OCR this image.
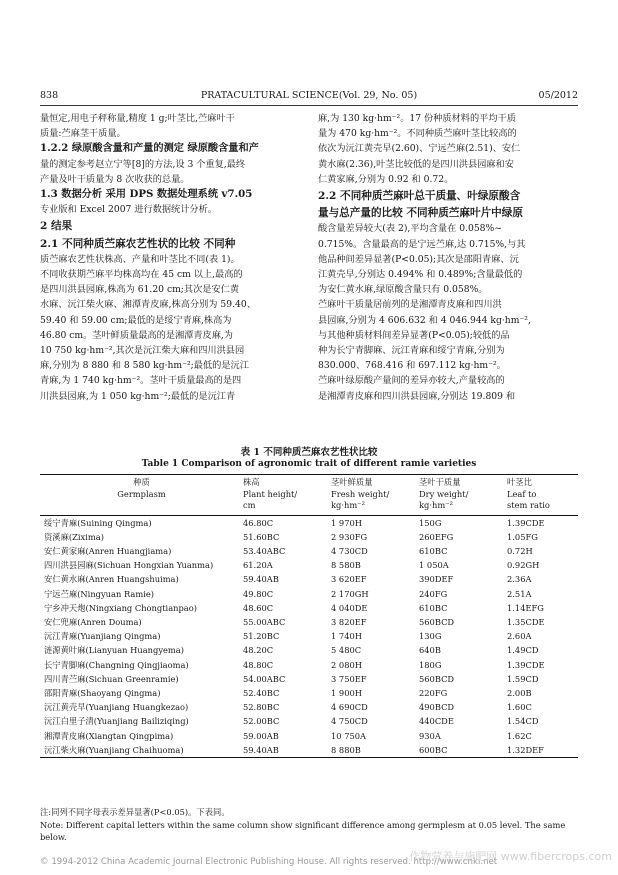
838	PRATACULTURAL SCIENCE(Vol. 29, No. 05)	05/2012

量恒定,用电子秤称量,精度 1 g;叶茎比,苎麻叶干

质量:苎麻茎干质量。

1.2.2 绿原酸含量和产量的测定 绿原酸含量和产

量的测定参考赵立宁等[8]的方法,设 3 个重复,最终

产量及叶干质量为 8 次收获的总量。

1.3 数据分析 采用 DPS 数据处理系统 v7.05

专业版和 Excel 2007 进行数据统计分析。

2 结果

2.1 不同种质苎麻农艺性状的比较 不同种

质苎麻农艺性状株高、产量和叶茎比不同(表 1)。

不同收获期苎麻平均株高均在 45 cm 以上,最高的

是四川洪县园麻,株高为 61.20 cm;其次是安仁黄

水麻、沅江柴火麻、湘潭青皮麻,株高分别为 59.40、

59.40 和 59.00 cm;最低的是绥宁青麻,株高为

46.80 cm。茎叶鲜质量最高的是湘潭青皮麻,为

10 750 kg·hm⁻²,其次是沅江柴大麻和四川洪县园

麻,分别为 8 880 和 8 580 kg·hm⁻²;最低的是沅江

青麻,为 1 740 kg·hm⁻²。茎叶干质量最高的是四

川洪县园麻,为 1 050 kg·hm⁻²;最低的是沅江青

麻,为 130 kg·hm⁻²。17 份种质材料的平均干质

量为 470 kg·hm⁻²。不同种质苎麻叶茎比较高的

依次为沅江黄壳早(2.60)、宁远苎麻(2.51)、安仁

黄水麻(2.36),叶茎比较低的是四川洪县园麻和安

仁黄家麻,分别为 0.92 和 0.72。

2.2 不同种质苎麻叶总干质量、叶绿原酸含

量与总产量的比较 不同种质苎麻叶片中绿原

酸含量差异较大(表 2),平均含量在 0.058%~

0.715%。含量最高的是宁远苎麻,达 0.715%,与其

他品种间差异显著(P<0.05);其次是邵阳青麻、沅

江黄壳早,分别达 0.494% 和 0.489%;含量最低的

为安仁黄水麻,绿原酸含量只有 0.058%。

苎麻叶干质量居前列的是湘潭青皮麻和四川洪

县园麻,分别为 4 606.632 和 4 046.944 kg·hm⁻²,

与其他种质材料间差异显著(P<0.05);较低的品

种为长宁青脚麻、沅江青麻和绥宁青麻,分别为

830.000、768.416 和 697.112 kg·hm⁻²。

苎麻叶绿原酸产量间的差异亦较大,产量较高的

是湘潭青皮麻和四川洪县园麻,分别达 19.809 和

表 1 不同种质苎麻农艺性状比较
Table 1 Comparison of agronomic trait of different ramie varieties
种质	株高	茎叶鲜质量	茎叶干质量	叶茎比
Germplasm	Plant height/	Fresh weight/	Dry weight/	Leaf to
	cm	kg·hm⁻²	kg·hm⁻²	stem ratio
绥宁青麻(Suining Qingma)	46.80C	1 970H	150G	1.39CDE
资溪麻(Zixima)	51.60BC	2 930FG	260EFG	1.05FG
安仁黄家麻(Anren Huangjiama)	53.40ABC	4 730CD	610BC	0.72H
四川洪县园麻(Sichuan Hongxian Yuanma)	61.20A	8 580B	1 050A	0.92GH
安仁黄水麻(Anren Huangshuima)	59.40AB	3 620EF	390DEF	2.36A
宁远苎麻(Ningyuan Ramie)	49.80C	2 170GH	240FG	2.51A
宁乡冲天炮(Ningxiang Chongtianpao)	48.60C	4 040DE	610BC	1.14EFG
安仁兜麻(Anren Douma)	55.00ABC	3 820EF	560BCD	1.35CDE
沅江青麻(Yuanjiang Qingma)	51.20BC	1 740H	130G	2.60A
涟源黄叶麻(Lianyuan Huangyema)	48.20C	5 480C	640B	1.49CD
长宁青脚麻(Changning Qingjiaoma)	48.80C	2 080H	180G	1.39CDE
四川青苎麻(Sichuan Greenramie)	54.00ABC	3 750EF	560BCD	1.59CD
邵阳青麻(Shaoyang Qingma)	52.40BC	1 900H	220FG	2.00B
沅江黄壳早(Yuanjiang Huangkezao)	52.80BC	4 690CD	490BCD	1.60C
沅江白里子清(Yuanjiang Bailiziqing)	52.00BC	4 750CD	440CDE	1.54CD
湘潭青皮麻(Xiangtan Qingpima)	59.00AB	10 750A	930A	1.62C
沅江柴火麻(Yuanjiang Chaihuoma)	59.40AB	8 880B	600BC	1.32DEF

注:同列不同字母表示差异显著(P<0.05)。下表同。

Note: Different capital letters within the same column show significant difference among germplesm at 0.05 level. The same below.

© 1994-2012 China Academic Journal Electronic Publishing House. All rights reserved. http://www.cnki.net
作物营养与施肥网 www.fibercrops.com
